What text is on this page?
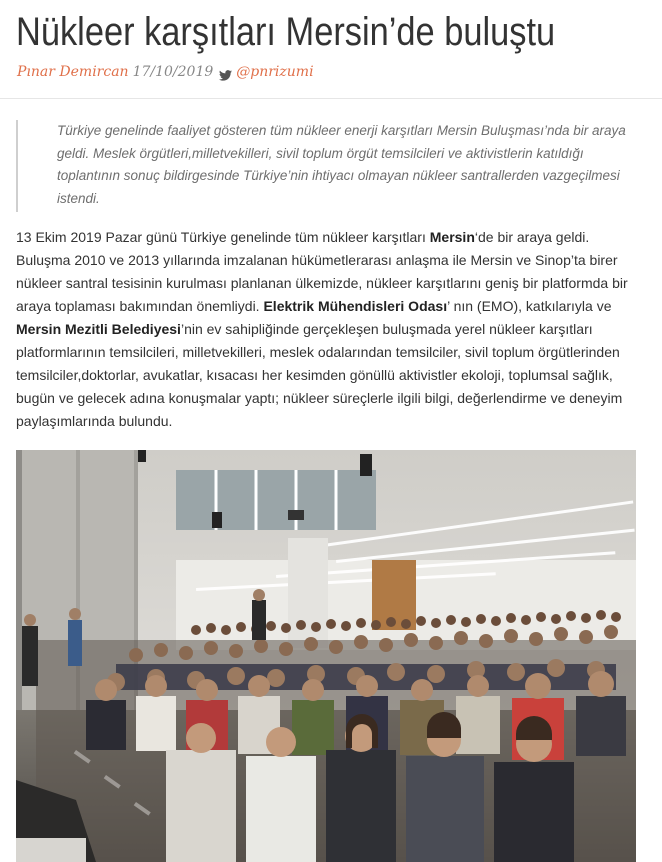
Nükleer karşıtları Mersin’de buluştu
Pınar Demircan 17/10/2019 @pnrizumi

Türkiye genelinde faaliyet gösteren tüm nükleer enerji karşıtları Mersin Buluşması’nda bir araya geldi. Meslek örgütleri,milletvekilleri, sivil toplum örgüt temsilcileri ve aktivistlerin katıldığı toplantının sonuç bildirgesinde Türkiye’nin ihtiyacı olmayan nükleer santrallerden vazgeçilmesi istendi.

13 Ekim 2019 Pazar günü Türkiye genelinde tüm nükleer karşıtları Mersin‘de bir araya geldi. Buluşma 2010 ve 2013 yıllarında imzalanan hükümetlerarası anlaşma ile Mersin ve Sinop’ta birer nükleer santral tesisinin kurulması planlanan ülkemizde, nükleer karşıtlarını geniş bir platformda bir araya toplaması bakımından önemliydi. Elektrik Mühendisleri Odası’ nın (EMO), katkılarıyla ve Mersin Mezitli Belediyesi’nin ev sahipliğinde gerçekleşen buluşmada yerel nükleer karşıtları platformlarının temsilcileri, milletvekilleri, meslek odalarından temsilciler, sivil toplum örgütlerinden temsilciler,doktorlar, avukatlar, kısacası her kesimden gönüllü aktivistler ekoloji, toplumsal sağlık, bugün ve gelecek adına konuşmalar yaptı; nükleer süreçlerle ilgili bilgi, değerlendirme ve deneyim paylaşımlarında bulundu.
